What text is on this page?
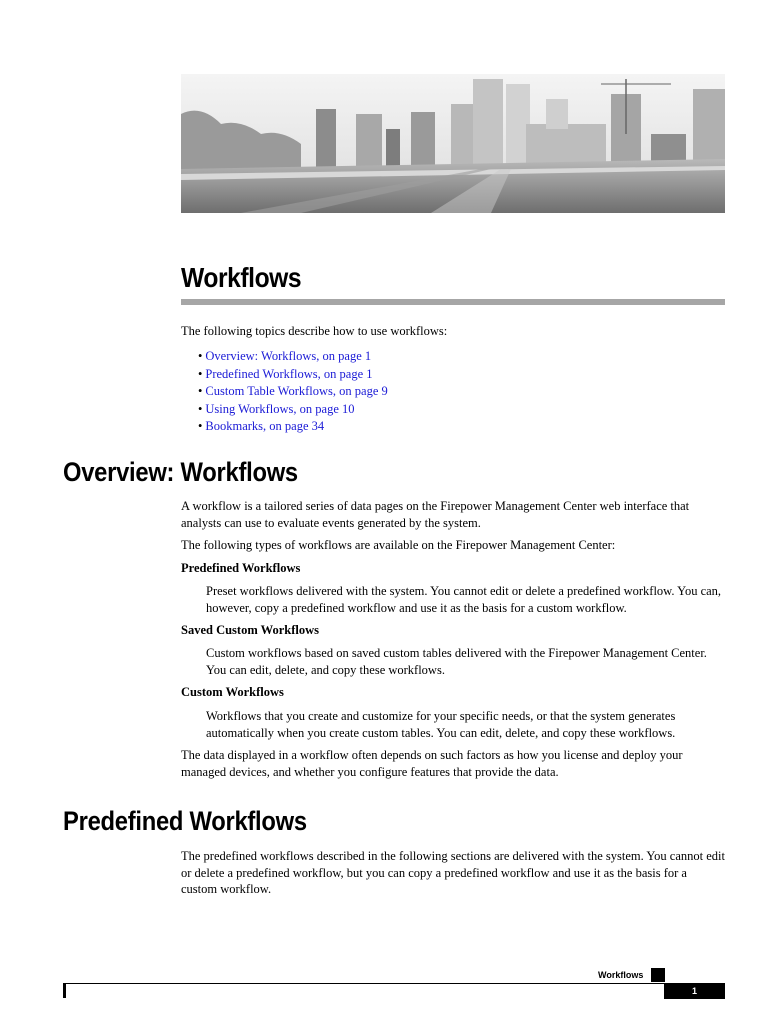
Workflows

The following topics describe how to use workflows:

• Overview: Workflows, on page 1
• Predefined Workflows, on page 1
• Custom Table Workflows, on page 9
• Using Workflows, on page 10
• Bookmarks, on page 34
Overview: Workflows

A workflow is a tailored series of data pages on the Firepower Management Center web interface that analysts can use to evaluate events generated by the system.

The following types of workflows are available on the Firepower Management Center:

Predefined Workflows

Preset workflows delivered with the system. You cannot edit or delete a predefined workflow. You can, however, copy a predefined workflow and use it as the basis for a custom workflow.

Saved Custom Workflows

Custom workflows based on saved custom tables delivered with the Firepower Management Center. You can edit, delete, and copy these workflows.

Custom Workflows

Workflows that you create and customize for your specific needs, or that the system generates automatically when you create custom tables. You can edit, delete, and copy these workflows.

The data displayed in a workflow often depends on such factors as how you license and deploy your managed devices, and whether you configure features that provide the data.

Predefined Workflows

The predefined workflows described in the following sections are delivered with the system. You cannot edit or delete a predefined workflow, but you can copy a predefined workflow and use it as the basis for a custom workflow.

Workflows
1
